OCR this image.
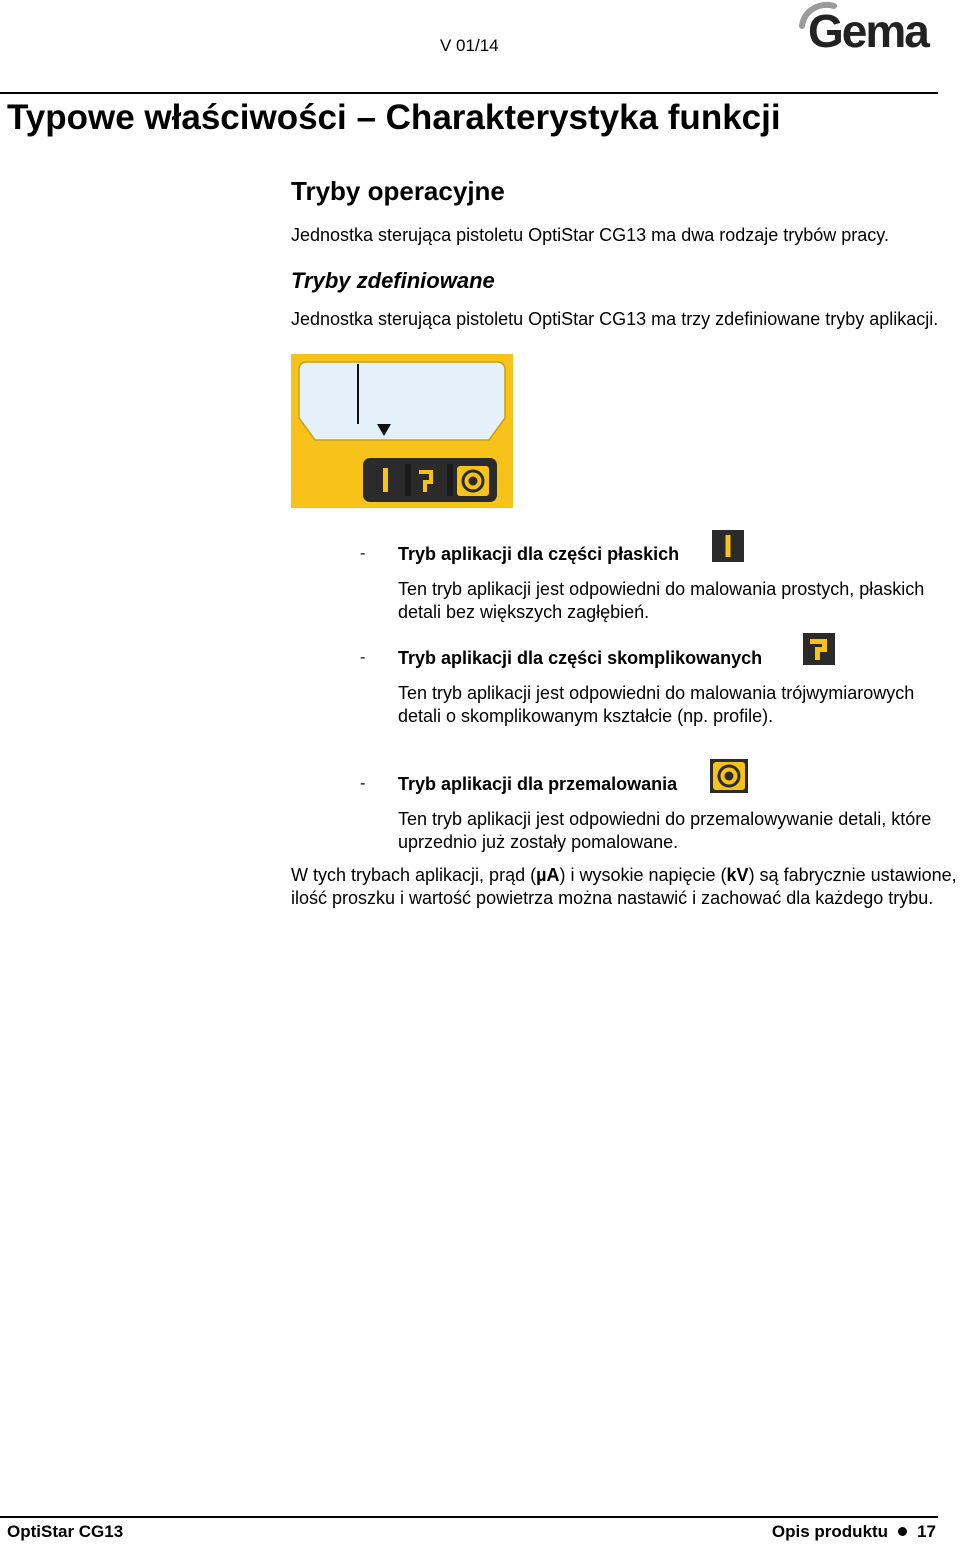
V 01/14	Gema
Typowe właściwości – Charakterystyka funkcji
Tryby operacyjne
Jednostka sterująca pistoletu OptiStar CG13 ma dwa rodzaje trybów pracy.
Tryby zdefiniowane
Jednostka sterująca pistoletu OptiStar CG13 ma trzy zdefiniowane tryby aplikacji.
- Tryb aplikacji dla części płaskich
Ten tryb aplikacji jest odpowiedni do malowania prostych, płaskich detali bez większych zagłębień.
- Tryb aplikacji dla części skomplikowanych
Ten tryb aplikacji jest odpowiedni do malowania trójwymiarowych detali o skomplikowanym kształcie (np. profile).
- Tryb aplikacji dla przemalowania
Ten tryb aplikacji jest odpowiedni do przemalowywanie detali, które uprzednio już zostały pomalowane.
W tych trybach aplikacji, prąd (µA) i wysokie napięcie (kV) są fabrycznie ustawione, ilość proszku i wartość powietrza można nastawić i zachować dla każdego trybu.
OptiStar CG13	Opis produktu 17
